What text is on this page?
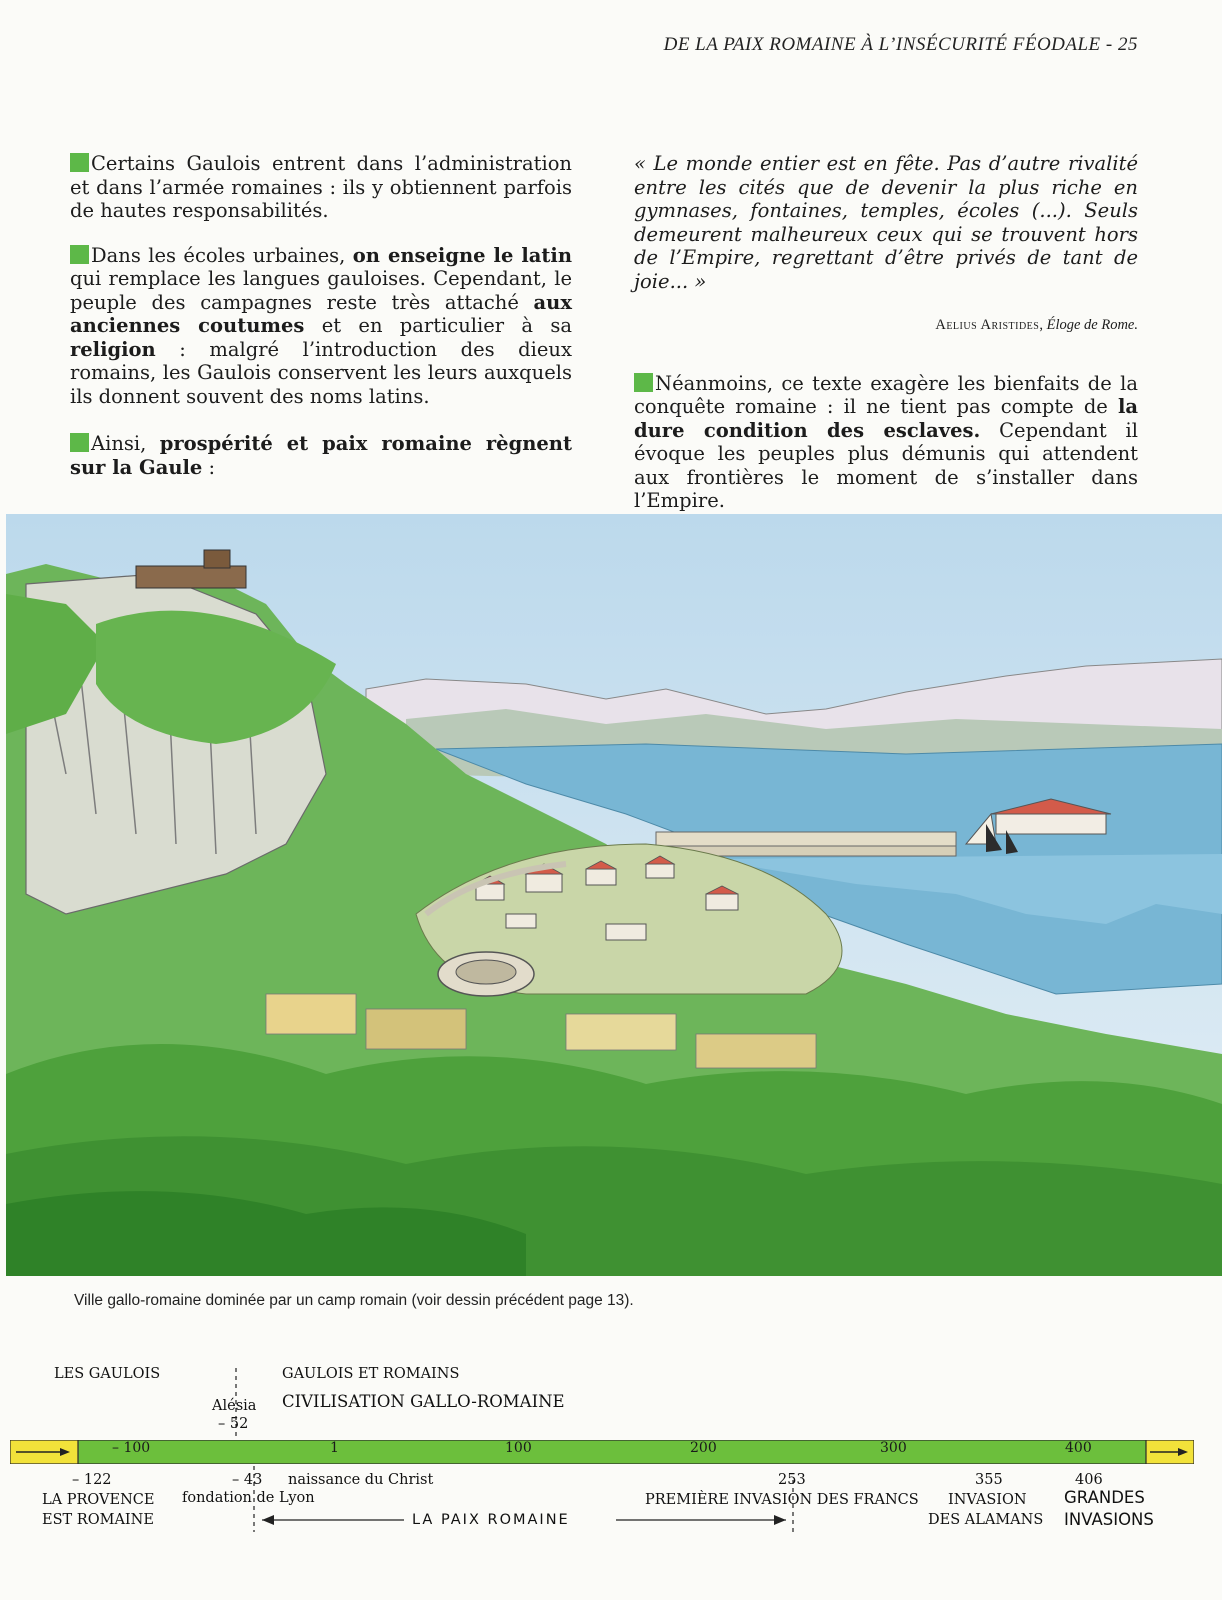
DE LA PAIX ROMAINE À L’INSÉCURITÉ FÉODALE - 25

Certains Gaulois entrent dans l’administration et dans l’armée romaines : ils y obtiennent parfois de hautes responsabilités.

Dans les écoles urbaines, on enseigne le latin qui remplace les langues gauloises. Cependant, le peuple des campagnes reste très attaché aux anciennes coutumes et en particulier à sa religion : malgré l’introduction des dieux romains, les Gaulois conservent les leurs auxquels ils donnent souvent des noms latins.

Ainsi, prospérité et paix romaine règnent sur la Gaule :

« Le monde entier est en fête. Pas d’autre rivalité entre les cités que de devenir la plus riche en gymnases, fontaines, temples, écoles (...). Seuls demeurent malheureux ceux qui se trouvent hors de l’Empire, regrettant d’être privés de tant de joie... »

Aelius Aristides, Éloge de Rome.

Néanmoins, ce texte exagère les bienfaits de la conquête romaine : il ne tient pas compte de la dure condition des esclaves. Cependant il évoque les peuples plus démunis qui attendent aux frontières le moment de s’installer dans l’Empire.

Ville gallo-romaine dominée par un camp romain (voir dessin précédent page 13).
LES GAULOIS
Alésia
– 52
GAULOIS ET ROMAINS
CIVILISATION GALLO-ROMAINE
– 100	1	100	200	300	400
– 122
LA PROVENCE
EST ROMAINE
– 43
fondation de Lyon
naissance du Christ	253
PREMIÈRE INVASION DES FRANCS
355
INVASION
DES ALAMANS
406
GRANDES
INVASIONS
LA PAIX ROMAINE
